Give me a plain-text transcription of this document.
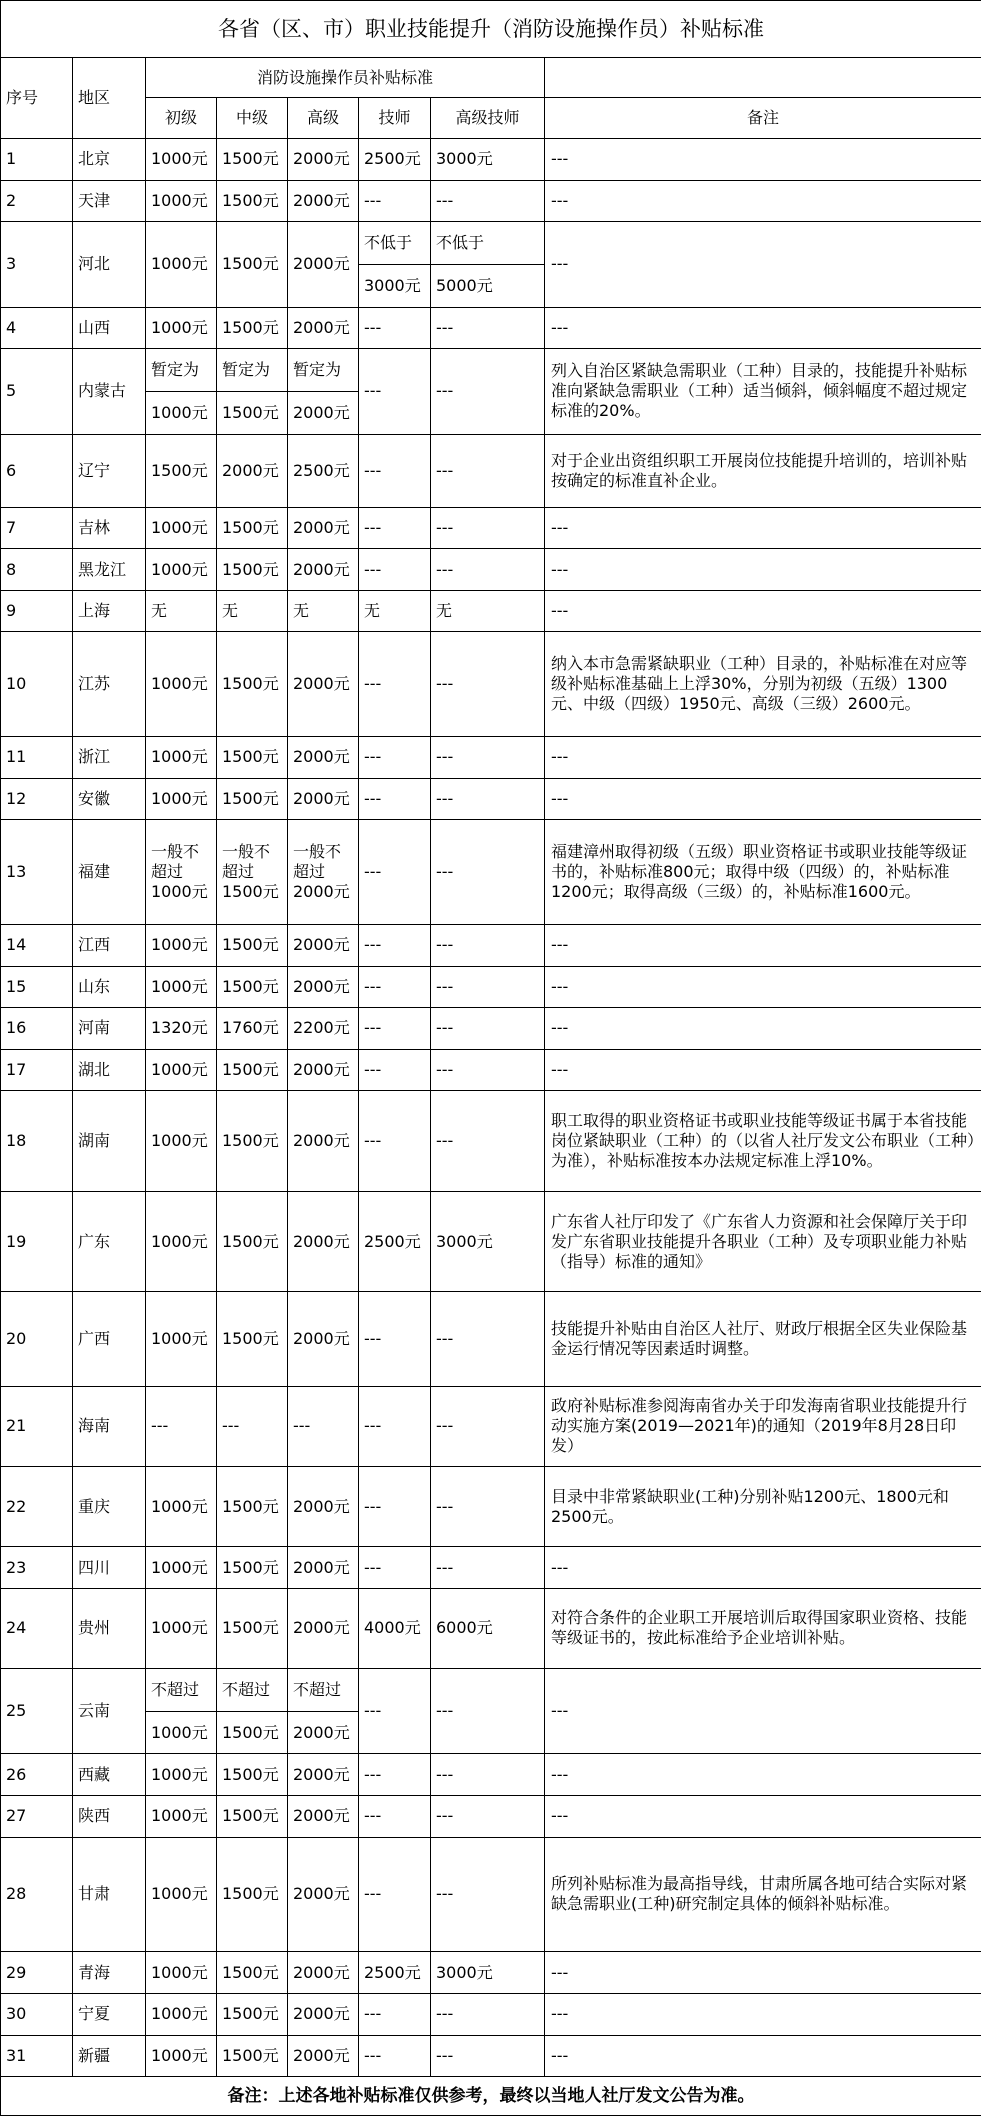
各省（区、市）职业技能提升（消防设施操作员）补贴标准							
序号	地区	消防设施操作员补贴标准					
		初级	中级	高级	技师	高级技师	备注
1	北京	1000元	1500元	2000元	2500元	3000元	---
2	天津	1000元	1500元	2000元	---	---	---
3	河北	1000元	1500元	2000元	不低于	不低于	---
					3000元	5000元	
4	山西	1000元	1500元	2000元	---	---	---
5	内蒙古	暂定为	暂定为	暂定为	---	---	列入自治区紧缺急需职业（工种）目录的，技能提升补贴标准向紧缺急需职业（工种）适当倾斜，倾斜幅度不超过规定标准的20%。
		1000元	1500元	2000元			
6	辽宁	1500元	2000元	2500元	---	---	对于企业出资组织职工开展岗位技能提升培训的，培训补贴按确定的标准直补企业。
7	吉林	1000元	1500元	2000元	---	---	---
8	黑龙江	1000元	1500元	2000元	---	---	---
9	上海	无	无	无	无	无	---
10	江苏	1000元	1500元	2000元	---	---	纳入本市急需紧缺职业（工种）目录的，补贴标准在对应等级补贴标准基础上上浮30%，分别为初级（五级）1300元、中级（四级）1950元、高级（三级）2600元。
11	浙江	1000元	1500元	2000元	---	---	---
12	安徽	1000元	1500元	2000元	---	---	---
13	福建	一般不超过1000元	一般不超过1500元	一般不超过2000元	---	---	福建漳州取得初级（五级）职业资格证书或职业技能等级证书的，补贴标准800元；取得中级（四级）的，补贴标准1200元；取得高级（三级）的，补贴标准1600元。
14	江西	1000元	1500元	2000元	---	---	---
15	山东	1000元	1500元	2000元	---	---	---
16	河南	1320元	1760元	2200元	---	---	---
17	湖北	1000元	1500元	2000元	---	---	---
18	湖南	1000元	1500元	2000元	---	---	职工取得的职业资格证书或职业技能等级证书属于本省技能岗位紧缺职业（工种）的（以省人社厅发文公布职业（工种）为准），补贴标准按本办法规定标准上浮10%。
19	广东	1000元	1500元	2000元	2500元	3000元	广东省人社厅印发了《广东省人力资源和社会保障厅关于印发广东省职业技能提升各职业（工种）及专项职业能力补贴（指导）标准的通知》
20	广西	1000元	1500元	2000元	---	---	技能提升补贴由自治区人社厅、财政厅根据全区失业保险基金运行情况等因素适时调整。
21	海南	---	---	---	---	---	政府补贴标准参阅海南省办关于印发海南省职业技能提升行动实施方案(2019—2021年)的通知（2019年8月28日印发）
22	重庆	1000元	1500元	2000元	---	---	目录中非常紧缺职业(工种)分别补贴1200元、1800元和2500元。
23	四川	1000元	1500元	2000元	---	---	---
24	贵州	1000元	1500元	2000元	4000元	6000元	对符合条件的企业职工开展培训后取得国家职业资格、技能等级证书的，按此标准给予企业培训补贴。
25	云南	不超过	不超过	不超过	---	---	---
		1000元	1500元	2000元			
26	西藏	1000元	1500元	2000元	---	---	---
27	陕西	1000元	1500元	2000元	---	---	---
28	甘肃	1000元	1500元	2000元	---	---	所列补贴标准为最高指导线，甘肃所属各地可结合实际对紧缺急需职业(工种)研究制定具体的倾斜补贴标准。
29	青海	1000元	1500元	2000元	2500元	3000元	---
30	宁夏	1000元	1500元	2000元	---	---	---
31	新疆	1000元	1500元	2000元	---	---	---
备注：上述各地补贴标准仅供参考，最终以当地人社厅发文公告为准。							
